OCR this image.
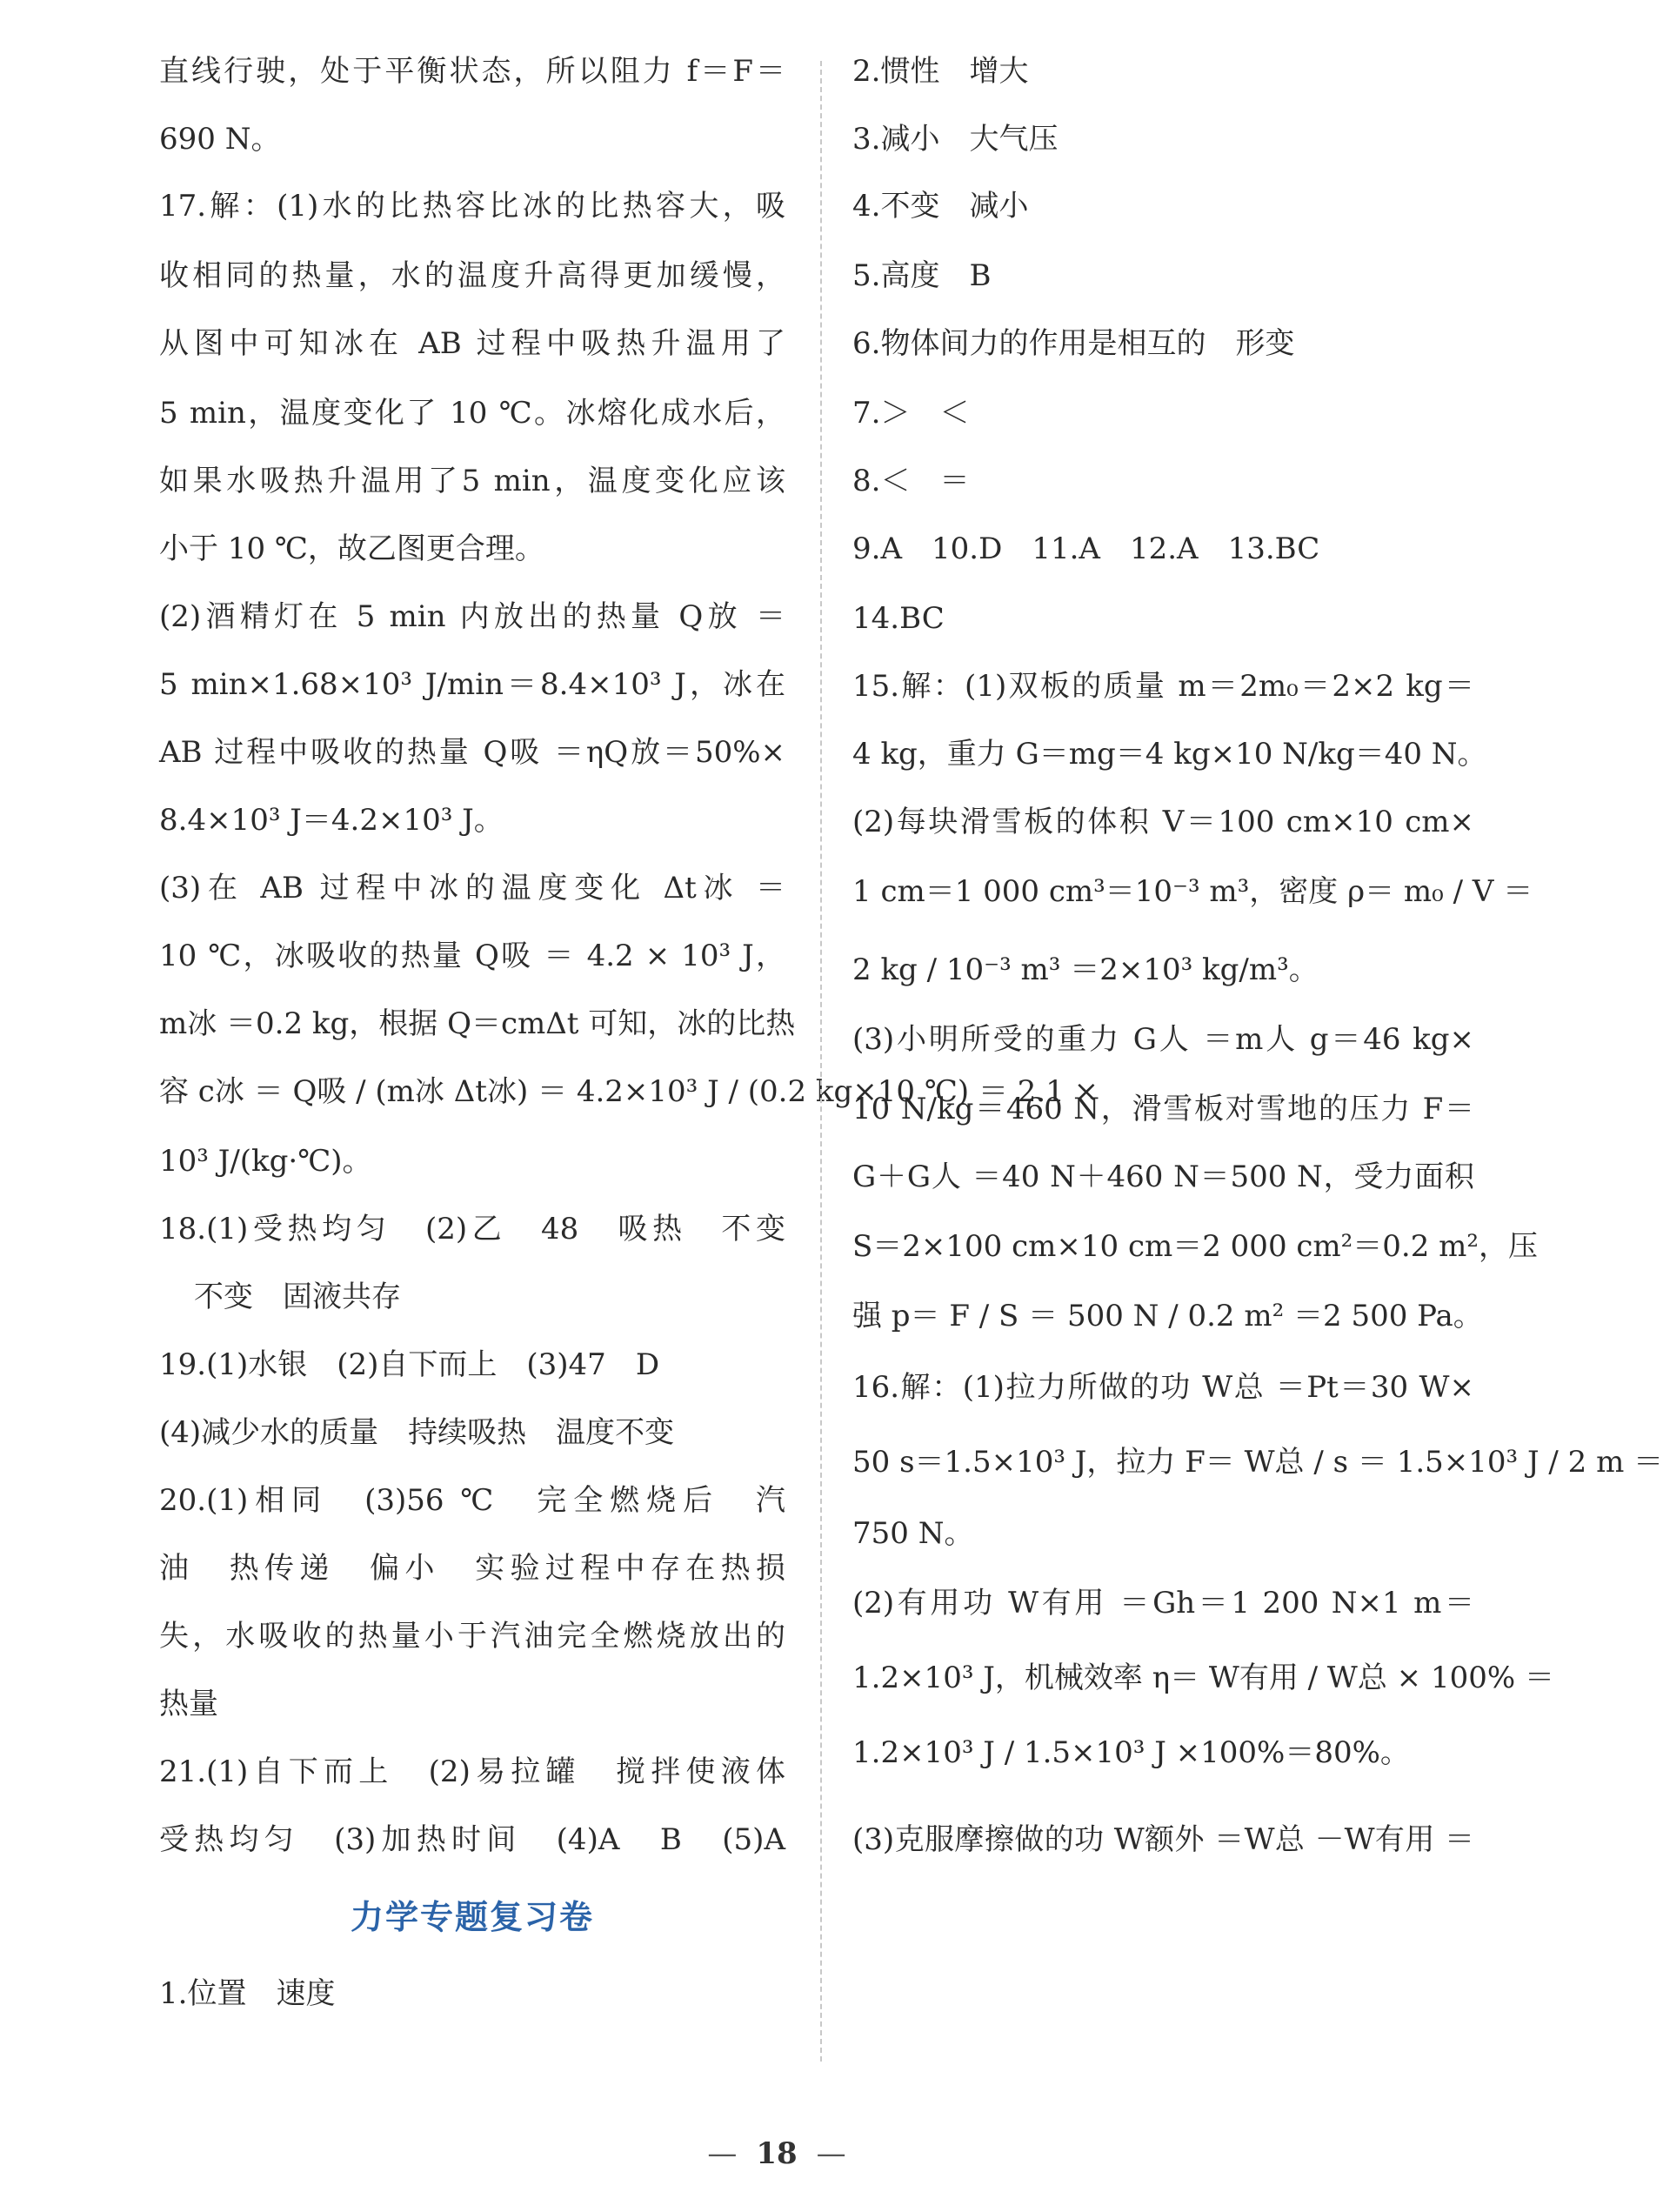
直线行驶，处于平衡状态，所以阻力 f＝F＝
690 N。
17.解：(1)水的比热容比冰的比热容大，吸
收相同的热量，水的温度升高得更加缓慢，
从图中可知冰在 AB 过程中吸热升温用了
5 min，温度变化了 10 ℃。冰熔化成水后，
如果水吸热升温用了5 min，温度变化应该
小于 10 ℃，故乙图更合理。
(2)酒精灯在 5 min 内放出的热量 Q放 ＝
5 min×1.68×10³ J/min＝8.4×10³ J，冰在
AB 过程中吸收的热量 Q吸 ＝ηQ放＝50%×
8.4×10³ J＝4.2×10³ J。
(3)在 AB 过程中冰的温度变化 Δt冰 ＝
10 ℃，冰吸收的热量 Q吸 ＝ 4.2 × 10³ J，
m冰 ＝0.2 kg，根据 Q＝cmΔt 可知，冰的比热
容 c冰 ＝ Q吸 / (m冰 Δt冰) ＝ 4.2×10³ J / (0.2 kg×10 ℃) ＝ 2.1 ×
10³ J/(kg·℃)。
18.(1)受热均匀　(2)乙　48　吸热　不变
不变　固液共存
19.(1)水银　(2)自下而上　(3)47　D
(4)减少水的质量　持续吸热　温度不变
20.(1)相同　(3)56 ℃　完全燃烧后　汽
油　热传递　偏小　实验过程中存在热损
失，水吸收的热量小于汽油完全燃烧放出的
热量
21.(1)自下而上　(2)易拉罐　搅拌使液体
受热均匀　(3)加热时间　(4)A　B　(5)A
力学专题复习卷
1.位置　速度
2.惯性　增大
3.减小　大气压
4.不变　减小
5.高度　B
6.物体间力的作用是相互的　形变
7.＞　＜
8.＜　＝
9.A　10.D　11.A　12.A　13.BC
14.BC
15.解：(1)双板的质量 m＝2m₀＝2×2 kg＝
4 kg，重力 G＝mg＝4 kg×10 N/kg＝40 N。
(2)每块滑雪板的体积 V＝100 cm×10 cm×
1 cm＝1 000 cm³＝10⁻³ m³，密度 ρ＝ m₀ / V ＝
2 kg / 10⁻³ m³ ＝2×10³ kg/m³。
(3)小明所受的重力 G人 ＝m人 g＝46 kg×
10 N/kg＝460 N，滑雪板对雪地的压力 F＝
G＋G人 ＝40 N＋460 N＝500 N，受力面积
S＝2×100 cm×10 cm＝2 000 cm²＝0.2 m²，压
强 p＝ F / S ＝ 500 N / 0.2 m² ＝2 500 Pa。
16.解：(1)拉力所做的功 W总 ＝Pt＝30 W×
50 s＝1.5×10³ J，拉力 F＝ W总 / s ＝ 1.5×10³ J / 2 m ＝
750 N。
(2)有用功 W有用 ＝Gh＝1 200 N×1 m＝
1.2×10³ J，机械效率 η＝ W有用 / W总 × 100% ＝
1.2×10³ J / 1.5×10³ J ×100%＝80%。
(3)克服摩擦做的功 W额外 ＝W总 －W有用 ＝
— 18 —
